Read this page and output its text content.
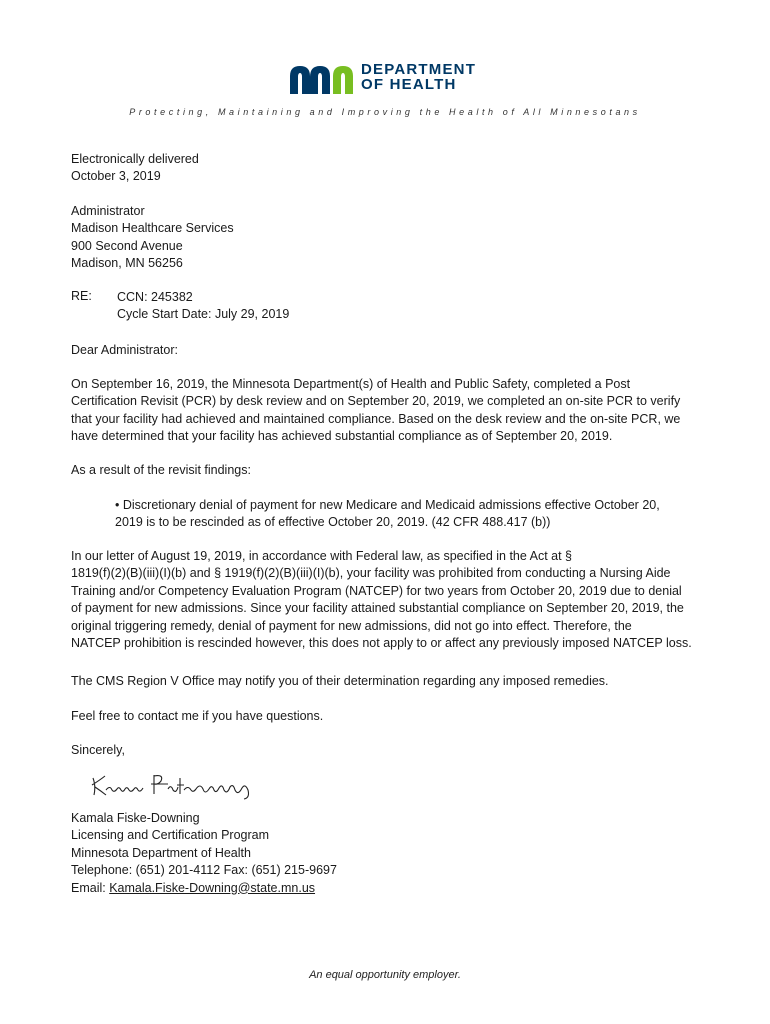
DEPARTMENT
OF HEALTH
Protecting, Maintaining and Improving the Health of All Minnesotans
Electronically delivered
October 3, 2019
Administrator
Madison Healthcare Services
900 Second Avenue
Madison, MN 56256
RE: CCN: 245382
Cycle Start Date: July 29, 2019
Dear Administrator:
On September 16, 2019, the Minnesota Department(s) of Health and Public Safety, completed a Post
Certification Revisit (PCR) by desk review and on September 20, 2019, we completed an on-site PCR to verify
that your facility had achieved and maintained compliance. Based on the desk review and the on-site PCR, we
have determined that your facility has achieved substantial compliance as of September 20, 2019.
As a result of the revisit findings:
• Discretionary denial of payment for new Medicare and Medicaid admissions effective October 20,
2019 is to be rescinded as of effective October 20, 2019. (42 CFR 488.417 (b))
In our letter of August 19, 2019, in accordance with Federal law, as specified in the Act at §
1819(f)(2)(B)(iii)(I)(b) and § 1919(f)(2)(B)(iii)(I)(b), your facility was prohibited from conducting a Nursing Aide
Training and/or Competency Evaluation Program (NATCEP) for two years from October 20, 2019 due to denial
of payment for new admissions. Since your facility attained substantial compliance on September 20, 2019, the
original triggering remedy, denial of payment for new admissions, did not go into effect. Therefore, the
NATCEP prohibition is rescinded however, this does not apply to or affect any previously imposed NATCEP loss.
The CMS Region V Office may notify you of their determination regarding any imposed remedies.
Feel free to contact me if you have questions.
Sincerely,
Kamala Fiske-Downing
Licensing and Certification Program
Minnesota Department of Health
Telephone: (651) 201-4112 Fax: (651) 215-9697
Email: Kamala.Fiske-Downing@state.mn.us
An equal opportunity employer.
